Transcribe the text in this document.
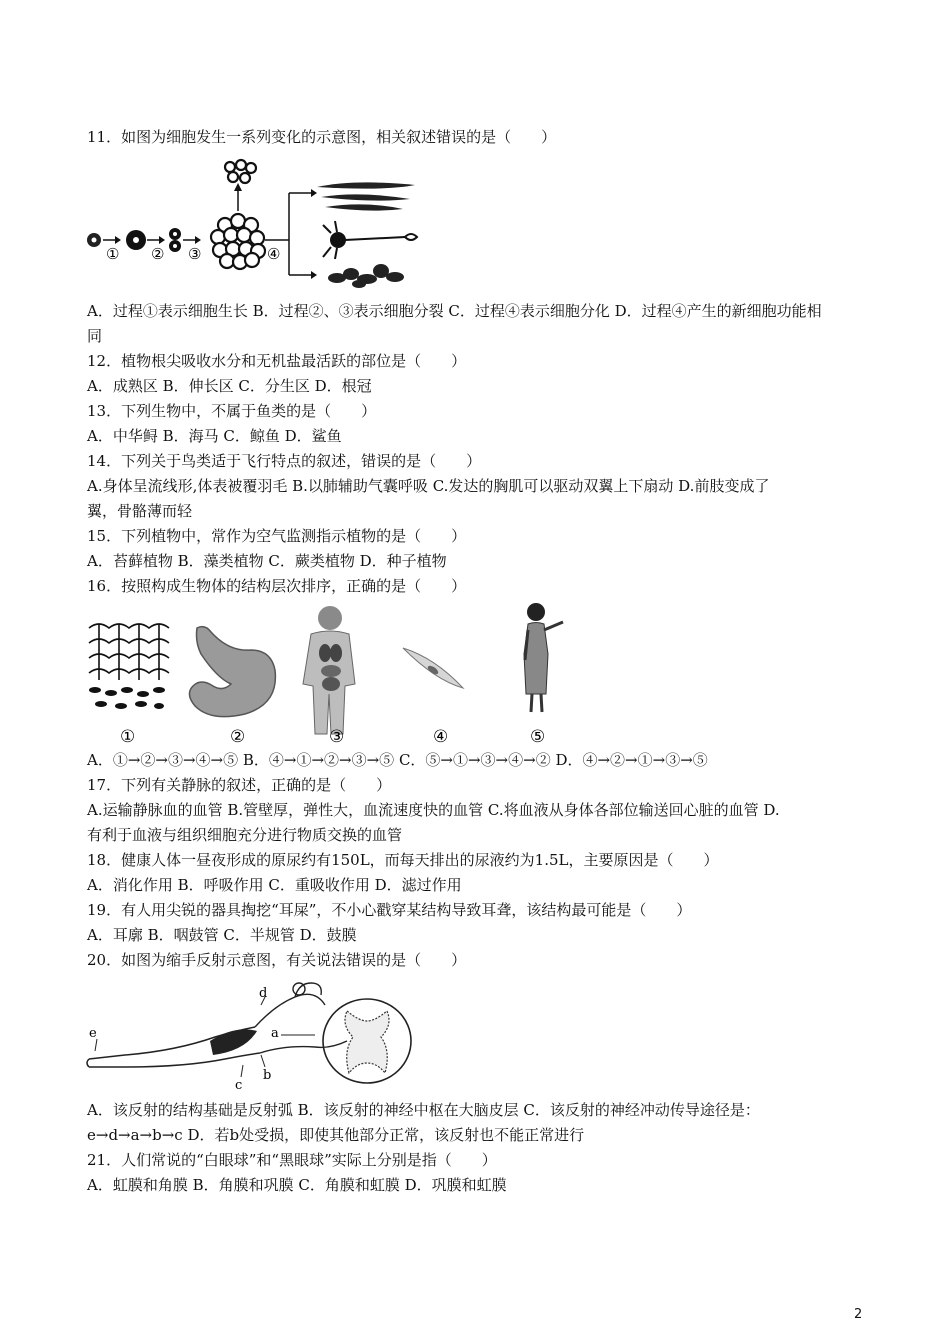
11．如图为细胞发生一系列变化的示意图，相关叙述错误的是（　　）
① ② ③	④
A．过程①表示细胞生长 B．过程②、③表示细胞分裂 C．过程④表示细胞分化 D．过程④产生的新细胞功能相
同
12．植物根尖吸收水分和无机盐最活跃的部位是（　　）
A．成熟区 B．伸长区 C．分生区 D．根冠
13．下列生物中，不属于鱼类的是（　　）
A．中华鲟 B．海马 C．鲸鱼 D．鲨鱼
14．下列关于鸟类适于飞行特点的叙述，错误的是（　　）
A.身体呈流线形,体表被覆羽毛 B.以肺辅助气囊呼吸 C.发达的胸肌可以驱动双翼上下扇动 D.前肢变成了
翼，骨骼薄而轻
15．下列植物中，常作为空气监测指示植物的是（　　）
A．苔藓植物 B．藻类植物 C．蕨类植物 D．种子植物
16．按照构成生物体的结构层次排序，正确的是（　　）
①	②	③	④	⑤
A．①→②→③→④→⑤ B．④→①→②→③→⑤ C．⑤→①→③→④→② D．④→②→①→③→⑤
17．下列有关静脉的叙述，正确的是（　　）
A.运输静脉血的血管 B.管壁厚，弹性大，血流速度快的血管 C.将血液从身体各部位输送回心脏的血管 D.
有利于血液与组织细胞充分进行物质交换的血管
18．健康人体一昼夜形成的原尿约有150L，而每天排出的尿液约为1.5L，主要原因是（　　）
A．消化作用 B．呼吸作用 C．重吸收作用 D．滤过作用
19．有人用尖锐的器具掏挖“耳屎”，不小心戳穿某结构导致耳聋，该结构最可能是（　　）
A．耳廓 B．咽鼓管 C．半规管 D．鼓膜
20．如图为缩手反射示意图，有关说法错误的是（　　）
e
d
a
b
c
A．该反射的结构基础是反射弧 B．该反射的神经中枢在大脑皮层 C．该反射的神经冲动传导途径是：
e→d→a→b→c D．若b处受损，即使其他部分正常，该反射也不能正常进行
21．人们常说的“白眼球”和“黑眼球”实际上分别是指（　　）
A．虹膜和角膜 B．角膜和巩膜 C．角膜和虹膜 D．巩膜和虹膜
2
